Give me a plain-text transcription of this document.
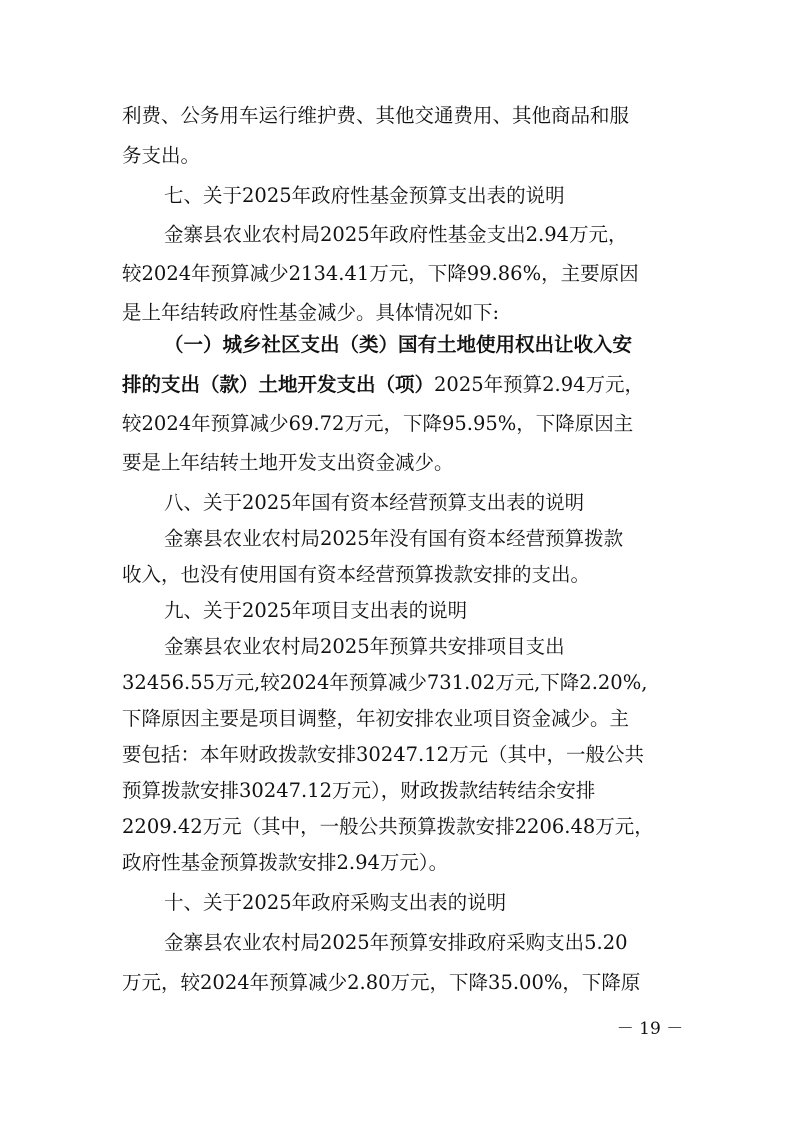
利费、公务用车运行维护费、其他交通费用、其他商品和服
务支出。
七、关于2025年政府性基金预算支出表的说明
金寨县农业农村局2025年政府性基金支出2.94万元，
较2024年预算减少2134.41万元，下降99.86%，主要原因
是上年结转政府性基金减少。具体情况如下:
（一）城乡社区支出（类）国有土地使用权出让收入安
排的支出（款）土地开发支出（项）2025年预算2.94万元，
较2024年预算减少69.72万元，下降95.95%，下降原因主
要是上年结转土地开发支出资金减少。
八、关于2025年国有资本经营预算支出表的说明
金寨县农业农村局2025年没有国有资本经营预算拨款
收入，也没有使用国有资本经营预算拨款安排的支出。
九、关于2025年项目支出表的说明
金寨县农业农村局2025年预算共安排项目支出
32456.55万元,较2024年预算减少731.02万元,下降2.20%,
下降原因主要是项目调整，年初安排农业项目资金减少。主
要包括：本年财政拨款安排30247.12万元（其中，一般公共
预算拨款安排30247.12万元），财政拨款结转结余安排
2209.42万元（其中，一般公共预算拨款安排2206.48万元，
政府性基金预算拨款安排2.94万元）。
十、关于2025年政府采购支出表的说明
金寨县农业农村局2025年预算安排政府采购支出5.20
万元，较2024年预算减少2.80万元，下降35.00%，下降原
－ 19 －
